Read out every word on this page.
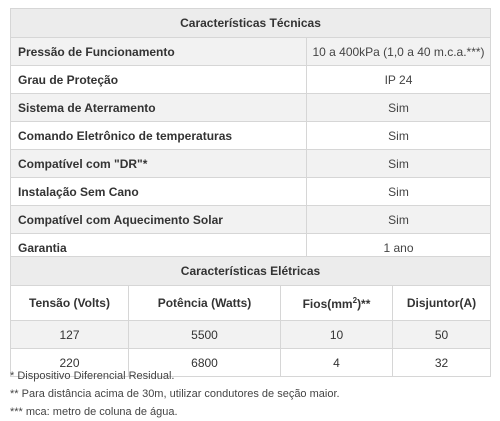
Características Técnicas	
Pressão de Funcionamento	10 a 400kPa (1,0 a 40 m.c.a.***)
Grau de Proteção	IP 24
Sistema de Aterramento	Sim
Comando Eletrônico de temperaturas	Sim
Compatível com "DR"*	Sim
Instalação Sem Cano	Sim
Compatível com Aquecimento Solar	Sim
Garantia	1 ano
Características Elétricas			
Tensão (Volts)	Potência (Watts)	$Fios(mm^2)**$	Disjuntor(A)
127	5500	10	50
220	6800	4	32
* Dispositivo Diferencial Residual.
** Para distância acima de 30m, utilizar condutores de seção maior.
*** mca: metro de coluna de água.
